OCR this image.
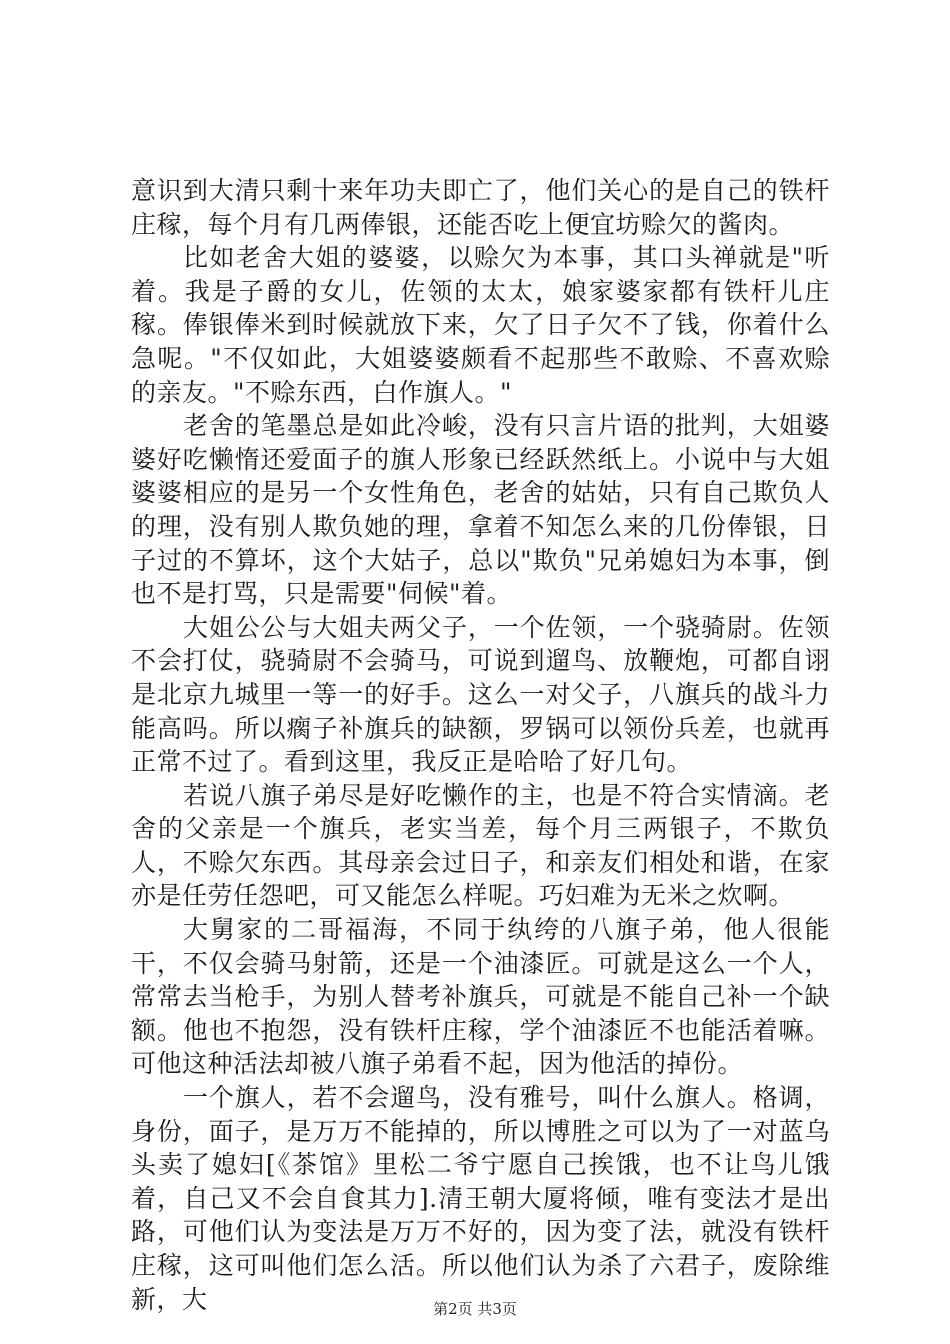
意识到大清只剩十来年功夫即亡了，他们关心的是自己的铁杆庄稼，每个月有几两俸银，还能否吃上便宜坊赊欠的酱肉。

比如老舍大姐的婆婆，以赊欠为本事，其口头禅就是"听着。我是子爵的女儿，佐领的太太，娘家婆家都有铁杆儿庄稼。俸银俸米到时候就放下来，欠了日子欠不了钱，你着什么急呢。"不仅如此，大姐婆婆颇看不起那些不敢赊、不喜欢赊的亲友。"不赊东西，白作旗人。"

老舍的笔墨总是如此冷峻，没有只言片语的批判，大姐婆婆好吃懒惰还爱面子的旗人形象已经跃然纸上。小说中与大姐婆婆相应的是另一个女性角色，老舍的姑姑，只有自己欺负人的理，没有别人欺负她的理，拿着不知怎么来的几份俸银，日子过的不算坏，这个大姑子，总以"欺负"兄弟媳妇为本事，倒也不是打骂，只是需要"伺候"着。

大姐公公与大姐夫两父子，一个佐领，一个骁骑尉。佐领不会打仗，骁骑尉不会骑马，可说到遛鸟、放鞭炮，可都自诩是北京九城里一等一的好手。这么一对父子，八旗兵的战斗力能高吗。所以瘸子补旗兵的缺额，罗锅可以领份兵差，也就再正常不过了。看到这里，我反正是哈哈了好几句。

若说八旗子弟尽是好吃懒作的主，也是不符合实情滴。老舍的父亲是一个旗兵，老实当差，每个月三两银子，不欺负人，不赊欠东西。其母亲会过日子，和亲友们相处和谐，在家亦是任劳任怨吧，可又能怎么样呢。巧妇难为无米之炊啊。

大舅家的二哥福海，不同于纨绔的八旗子弟，他人很能干，不仅会骑马射箭，还是一个油漆匠。可就是这么一个人，常常去当枪手，为别人替考补旗兵，可就是不能自己补一个缺额。他也不抱怨，没有铁杆庄稼，学个油漆匠不也能活着嘛。可他这种活法却被八旗子弟看不起，因为他活的掉份。

一个旗人，若不会遛鸟，没有雅号，叫什么旗人。格调，身份，面子，是万万不能掉的，所以博胜之可以为了一对蓝乌头卖了媳妇[《茶馆》里松二爷宁愿自己挨饿，也不让鸟儿饿着，自己又不会自食其力].清王朝大厦将倾，唯有变法才是出路，可他们认为变法是万万不好的，因为变了法，就没有铁杆庄稼，这可叫他们怎么活。所以他们认为杀了六君子，废除维新，大	第2页 共3页
